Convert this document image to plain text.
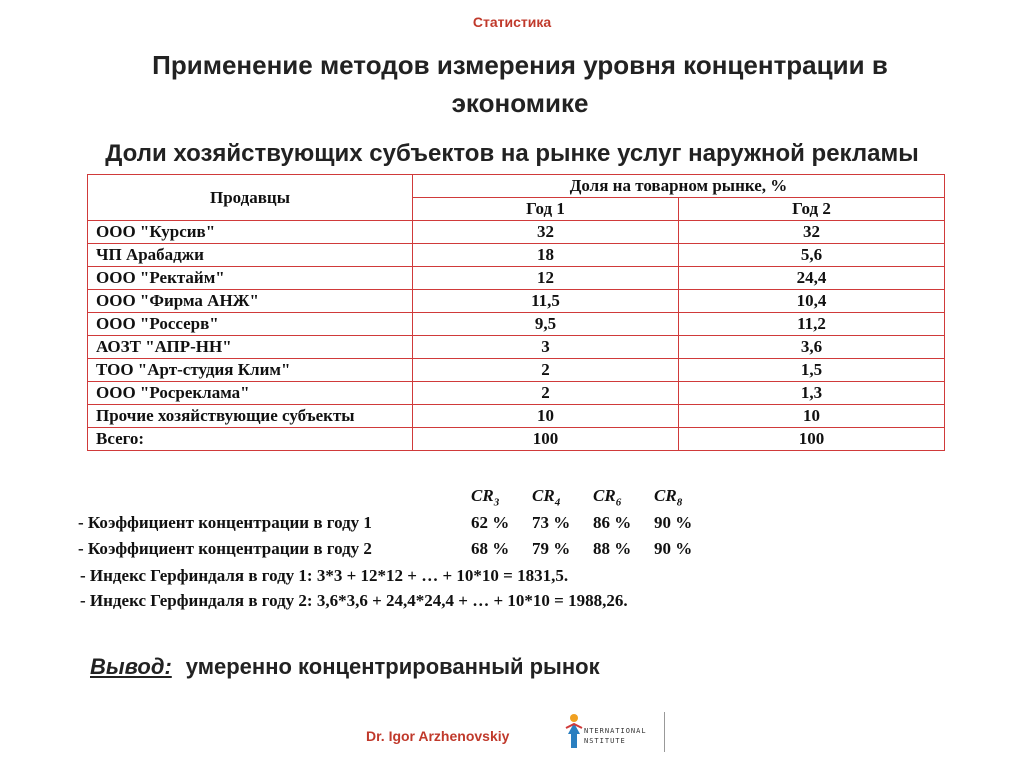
Статистика
Применение методов измерения уровня концентрации в экономике
Доли хозяйствующих субъектов на рынке услуг наружной рекламы
Продавцы	Доля на товарном рынке, %	
	Год 1	Год 2
ООО "Курсив"	32	32
ЧП Арабаджи	18	5,6
ООО "Ректайм"	12	24,4
ООО "Фирма АНЖ"	11,5	10,4
ООО "Россерв"	9,5	11,2
АОЗТ "АПР-НН"	3	3,6
ТОО "Арт-студия Клим"	2	1,5
ООО "Росреклама"	2	1,3
Прочие хозяйствующие субъекты	10	10
Всего:	100	100
	$CR_3$	$CR_4$	$CR_6$	$CR_8$
- Коэффициент концентрации в году 1	62 %	73 %	86 %	90 %
- Коэффициент концентрации в году 2	68 %	79 %	88 %	90 %
- Индекс Герфиндаля в году 1: 3*3 + 12*12 + … + 10*10 = 1831,5.
- Индекс Герфиндаля в году 2: 3,6*3,6 + 24,4*24,4 + … + 10*10 = 1988,26.
Вывод: умеренно концентрированный рынок
Dr. Igor Arzhenovskiy	NTERNATIONAL
NSTITUTE
